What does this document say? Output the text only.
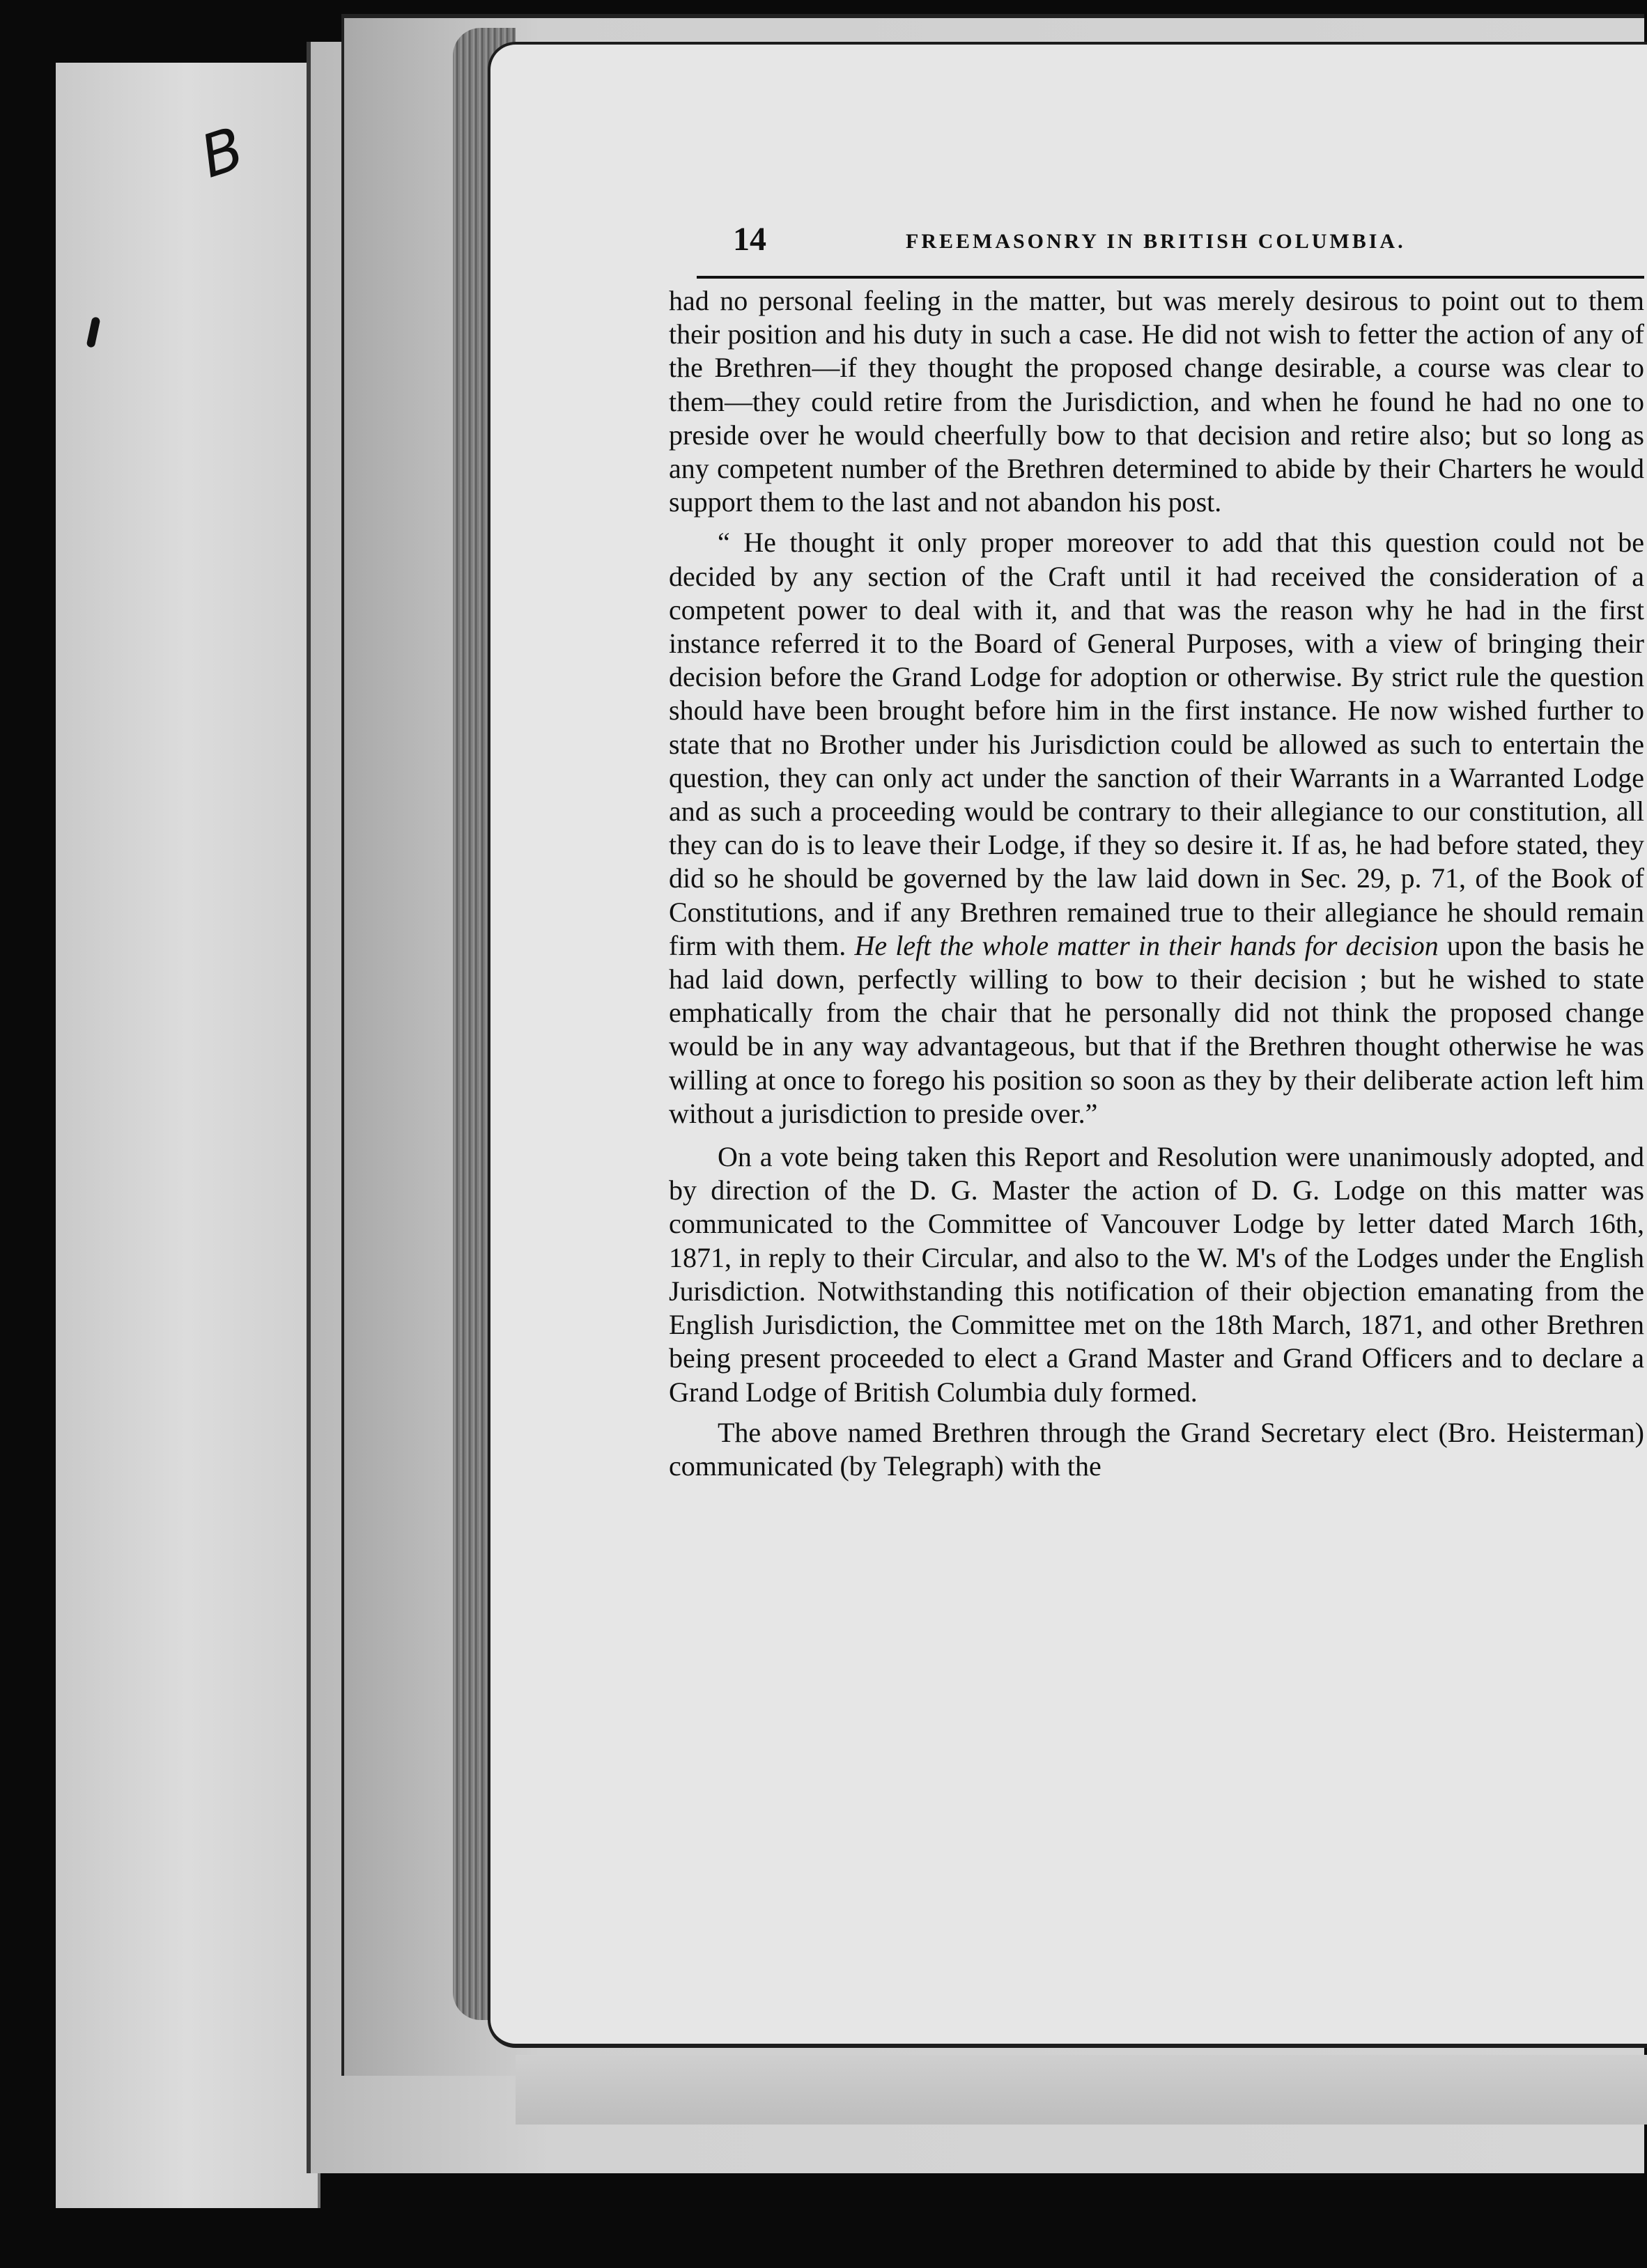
B
14	FREEMASONRY IN BRITISH COLUMBIA.

had no personal feeling in the matter, but was merely desirous to point out to them their position and his duty in such a case. He did not wish to fetter the action of any of the Brethren—if they thought the proposed change desirable, a course was clear to them—they could retire from the Jurisdiction, and when he found he had no one to preside over he would cheerfully bow to that decision and retire also; but so long as any competent number of the Brethren determined to abide by their Charters he would support them to the last and not abandon his post.

“ He thought it only proper moreover to add that this question could not be decided by any section of the Craft until it had received the consideration of a competent power to deal with it, and that was the reason why he had in the first instance referred it to the Board of General Purposes, with a view of bringing their decision before the Grand Lodge for adoption or otherwise. By strict rule the question should have been brought before him in the first instance. He now wished further to state that no Brother under his Jurisdiction could be allowed as such to entertain the question, they can only act under the sanction of their Warrants in a Warranted Lodge and as such a proceeding would be contrary to their allegiance to our constitution, all they can do is to leave their Lodge, if they so desire it. If as, he had before stated, they did so he should be governed by the law laid down in Sec. 29, p. 71, of the Book of Constitutions, and if any Brethren remained true to their allegiance he should remain firm with them. He left the whole matter in their hands for decision upon the basis he had laid down, perfectly willing to bow to their decision ; but he wished to state emphatically from the chair that he personally did not think the proposed change would be in any way advantageous, but that if the Brethren thought otherwise he was willing at once to forego his position so soon as they by their deliberate action left him without a jurisdiction to preside over.”

On a vote being taken this Report and Resolution were unanimously adopted, and by direction of the D. G. Master the action of D. G. Lodge on this matter was communicated to the Committee of Vancouver Lodge by letter dated March 16th, 1871, in reply to their Circular, and also to the W. M's of the Lodges under the English Jurisdiction. Notwithstanding this notification of their objection emanating from the English Jurisdiction, the Committee met on the 18th March, 1871, and other Brethren being present proceeded to elect a Grand Master and Grand Officers and to declare a Grand Lodge of British Columbia duly formed.

The above named Brethren through the Grand Secretary elect (Bro. Heisterman) communicated (by Telegraph) with the
